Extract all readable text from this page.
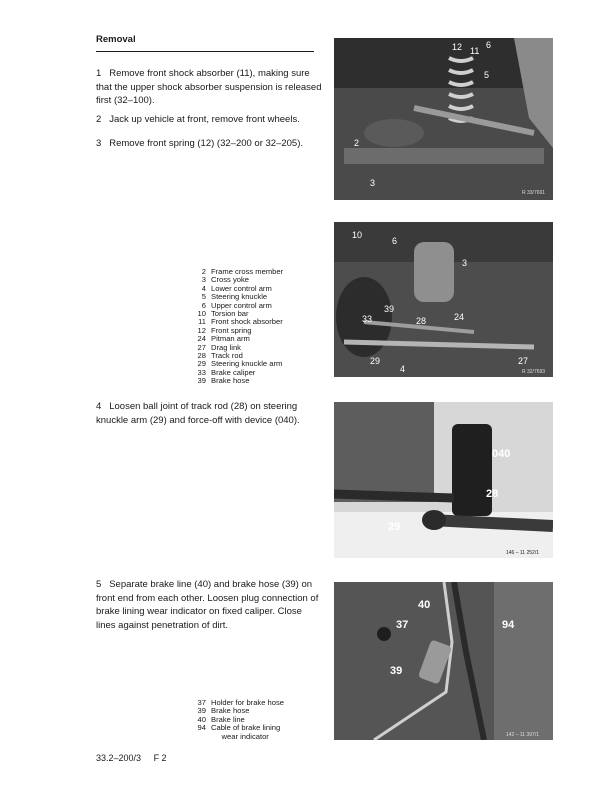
Removal
1 Remove front shock absorber (11), making sure that the upper shock absorber suspension is released first (32–100).
2 Jack up vehicle at front, remove front wheels.
3 Remove front spring (12) (32–200 or 32–205).
12 11
6
5
2
3
R 33/7691
10
6
3
39
33	28	24
29
4
27
R 32/7693
2 Frame cross member
3 Cross yoke
4 Lower control arm
5 Steering knuckle
6 Upper control arm
10 Torsion bar
11 Front shock absorber
12 Front spring
24 Pitman arm
27 Drag link
28 Track rod
29 Steering knuckle arm
33 Brake caliper
39 Brake hose
4 Loosen ball joint of track rod (28) on steering knuckle arm (29) and force-off with device (040).
040
28
29
146 – 11 252/1
5 Separate brake line (40) and brake hose (39) on front end from each other. Loosen plug connection of brake lining wear indicator on fixed caliper. Close lines against penetration of dirt.
40
94
37
39
142 – 11 397/1
37 Holder for brake hose
39 Brake hose
40 Brake line
94 Cable of brake lining
wear indicator
33.2–200/3 F 2
